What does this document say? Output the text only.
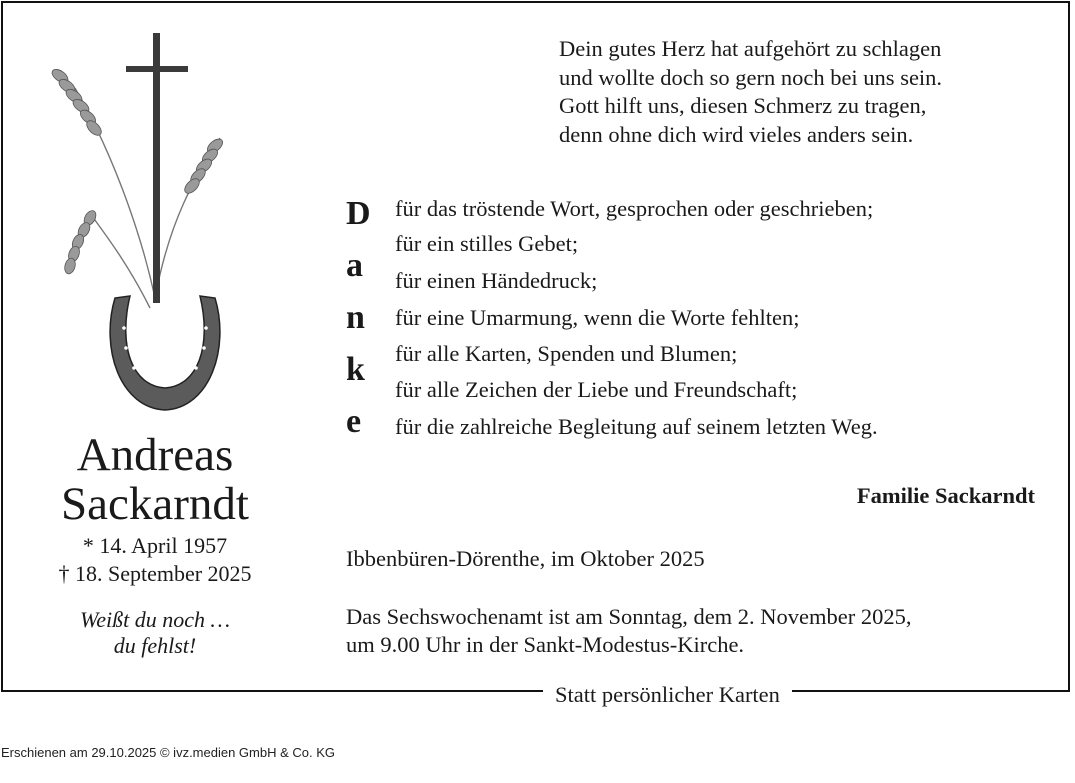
Andreas
Sackarndt
* 14. April 1957
† 18. September 2025
Weißt du noch …
du fehlst!
Dein gutes Herz hat aufgehört zu schlagen
und wollte doch so gern noch bei uns sein.
Gott hilft uns, diesen Schmerz zu tragen,
denn ohne dich wird vieles anders sein.
D
a
n
k
e
für das tröstende Wort, gesprochen oder geschrieben;
für ein stilles Gebet;
für einen Händedruck;
für eine Umarmung, wenn die Worte fehlten;
für alle Karten, Spenden und Blumen;
für alle Zeichen der Liebe und Freundschaft;
für die zahlreiche Begleitung auf seinem letzten Weg.
Familie Sackarndt
Ibbenbüren-Dörenthe, im Oktober 2025
Das Sechswochenamt ist am Sonntag, dem 2. November 2025,
um 9.00 Uhr in der Sankt-Modestus-Kirche.
Statt persönlicher Karten
Erschienen am 29.10.2025 © ivz.medien GmbH & Co. KG
